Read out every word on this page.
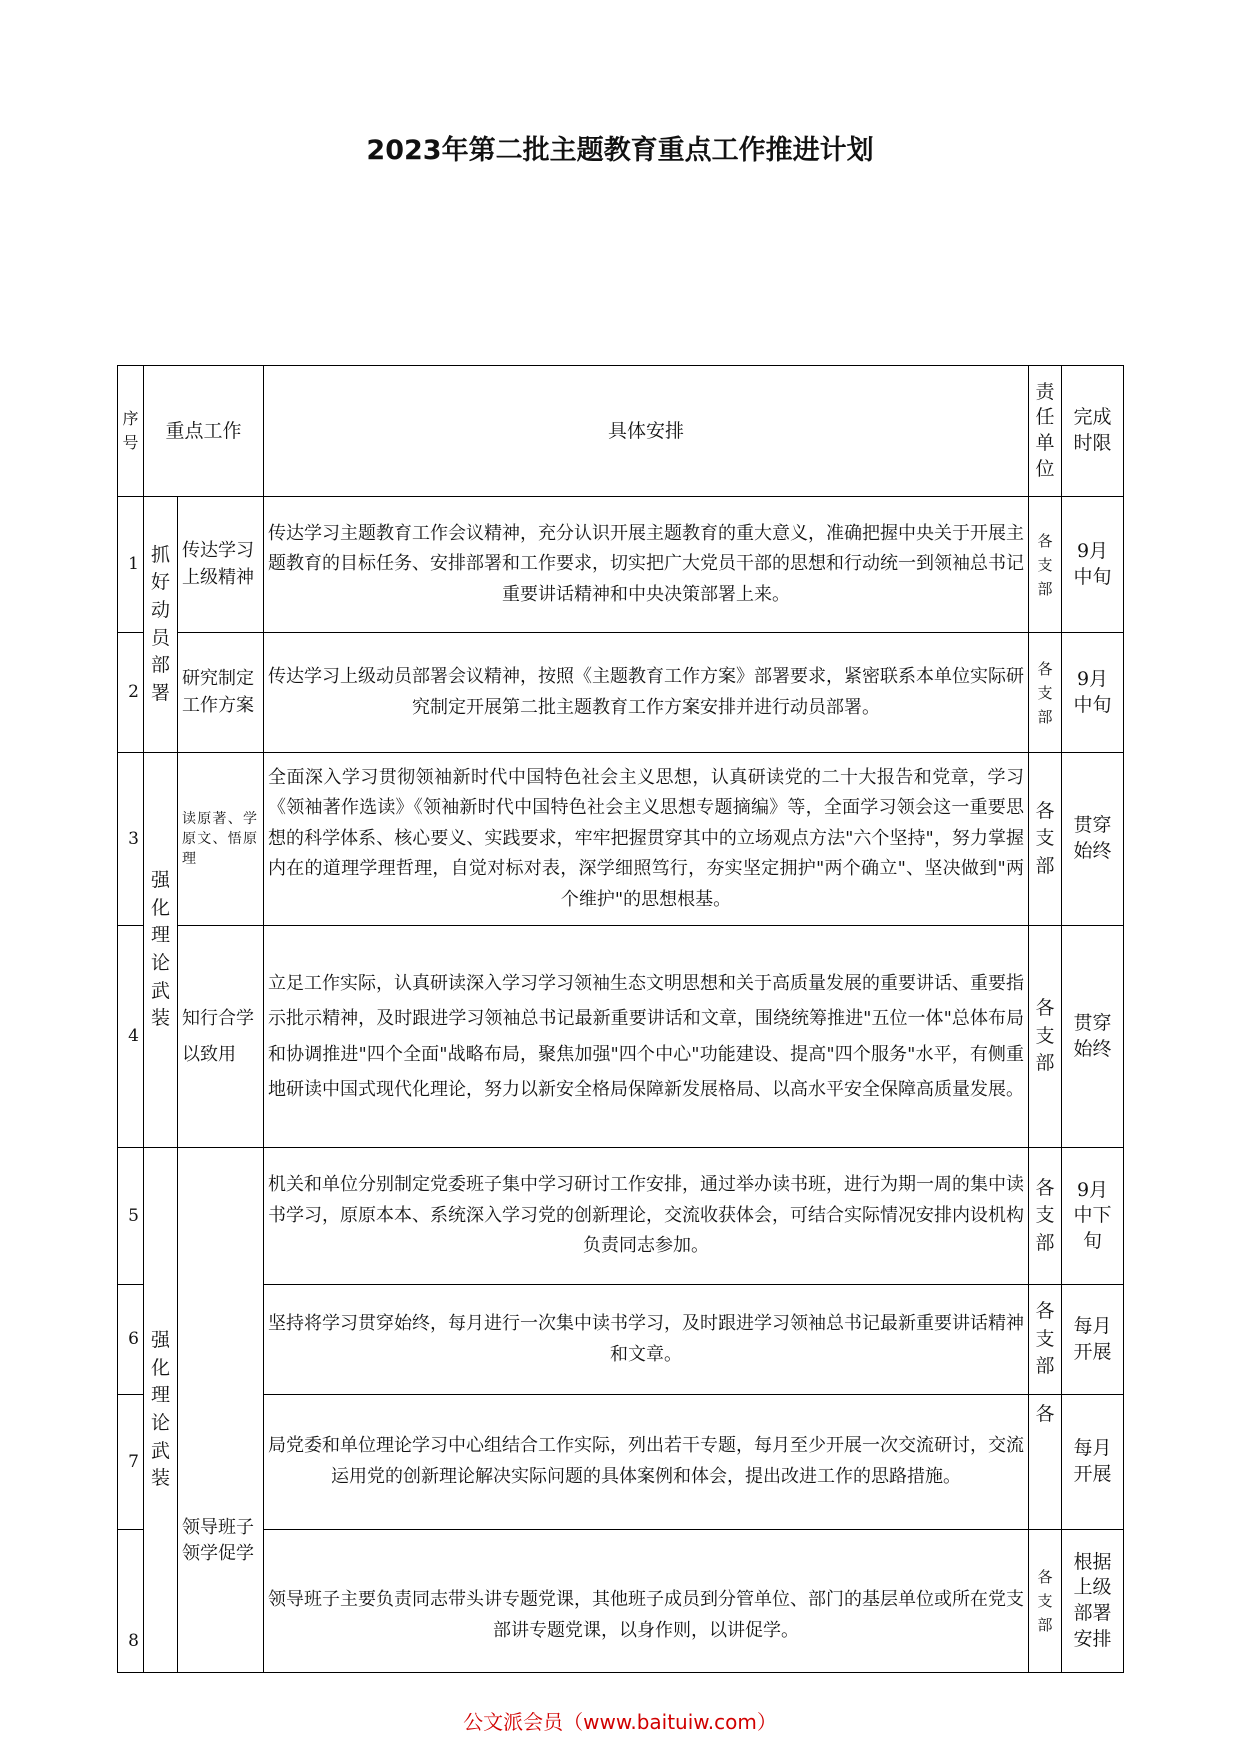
2023年第二批主题教育重点工作推进计划
序号	重点工作		具体安排	责任单位	完成时限

1	抓好动员部署	传达学习上级精神	传达学习主题教育工作会议精神，充分认识开展主题教育的重大意义，准确把握中央关于开展主题教育的目标任务、安排部署和工作要求，切实把广大党员干部的思想和行动统一到领袖总书记重要讲话精神和中央决策部署上来。	各支部	9月中旬

2		研究制定工作方案	传达学习上级动员部署会议精神，按照《主题教育工作方案》部署要求，紧密联系本单位实际研究制定开展第二批主题教育工作方案安排并进行动员部署。	各支部	9月中旬

3	强化理论武装	读原著、学原文、悟原理	全面深入学习贯彻领袖新时代中国特色社会主义思想，认真研读党的二十大报告和党章，学习《领袖著作选读》《领袖新时代中国特色社会主义思想专题摘编》等，全面学习领会这一重要思想的科学体系、核心要义、实践要求，牢牢把握贯穿其中的立场观点方法"六个坚持"，努力掌握内在的道理学理哲理，自觉对标对表，深学细照笃行，夯实坚定拥护"两个确立"、坚决做到"两个维护"的思想根基。	各支部	贯穿始终

4		知行合学以致用	立足工作实际，认真研读深入学习学习领袖生态文明思想和关于高质量发展的重要讲话、重要指示批示精神，及时跟进学习领袖总书记最新重要讲话和文章，围绕统筹推进"五位一体"总体布局和协调推进"四个全面"战略布局，聚焦加强"四个中心"功能建设、提高"四个服务"水平，有侧重地研读中国式现代化理论，努力以新安全格局保障新发展格局、以高水平安全保障高质量发展。	各支部	贯穿始终

5	强化理论武装	领导班子领学促学	机关和单位分别制定党委班子集中学习研讨工作安排，通过举办读书班，进行为期一周的集中读书学习，原原本本、系统深入学习党的创新理论，交流收获体会，可结合实际情况安排内设机构负责同志参加。	各支部	9月中下旬

6			坚持将学习贯穿始终，每月进行一次集中读书学习，及时跟进学习领袖总书记最新重要讲话精神和文章。	各支部	每月开展

7			局党委和单位理论学习中心组结合工作实际，列出若干专题，每月至少开展一次交流研讨，交流运用党的创新理论解决实际问题的具体案例和体会，提出改进工作的思路措施。	各	每月开展

8			领导班子主要负责同志带头讲专题党课，其他班子成员到分管单位、部门的基层单位或所在党支部讲专题党课，以身作则，以讲促学。	各支部	根据上级部署安排
公文派会员（www.baituiw.com）
